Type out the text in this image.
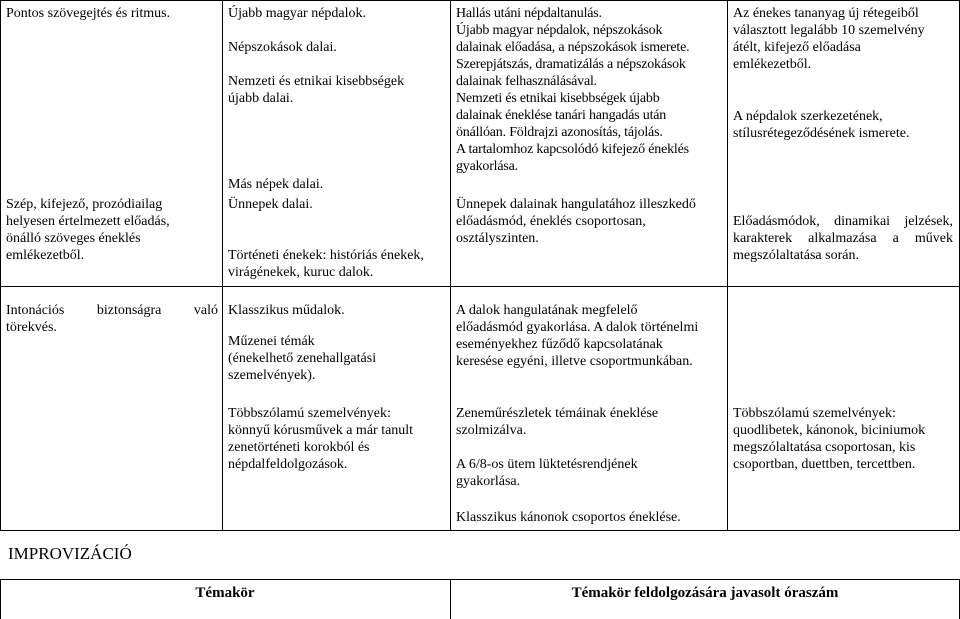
Pontos szövegejtés és ritmus.
Szép, kifejező, prozódiailag
helyesen értelmezett előadás,
önálló szöveges éneklés
emlékezetből.
Újabb magyar népdalok.
Népszokások dalai.
Nemzeti és etnikai kisebbségek
újabb dalai.
Más népek dalai.
Ünnepek dalai.
Történeti énekek: históriás énekek,
virágénekek, kuruc dalok.
Hallás utáni népdaltanulás.
Újabb magyar népdalok, népszokások
dalainak előadása, a népszokások ismerete.
Szerepjátszás, dramatizálás a népszokások
dalainak felhasználásával.
Nemzeti és etnikai kisebbségek újabb
dalainak éneklése tanári hangadás után
önállóan. Földrajzi azonosítás, tájolás.
A tartalomhoz kapcsolódó kifejező éneklés
gyakorlása.
Ünnepek dalainak hangulatához illeszkedő
előadásmód, éneklés csoportosan,
osztályszinten.
Az énekes tananyag új rétegeiből
választott legalább 10 szemelvény
átélt, kifejező előadása
emlékezetből.
A népdalok szerkezetének,
stílusrétegeződésének ismerete.
Előadásmódok, dinamikai jelzések,
karakterek alkalmazása a művek
megszólaltatása során.
Intonációs biztonságra való
törekvés.
Klasszikus műdalok.
Műzenei témák
(énekelhető zenehallgatási
szemelvények).
Többszólamú szemelvények:
könnyű kórusművek a már tanult
zenetörténeti korokból és
népdalfeldolgozások.
A dalok hangulatának megfelelő
előadásmód gyakorlása. A dalok történelmi
eseményekhez fűződő kapcsolatának
keresése egyéni, illetve csoportmunkában.
Zeneműrészletek témáinak éneklése
szolmizálva.
A 6/8-os ütem lüktetésrendjének
gyakorlása.
Klasszikus kánonok csoportos éneklése.
Többszólamú szemelvények:
quodlibetek, kánonok, biciniumok
megszólaltatása csoportosan, kis
csoportban, duettben, tercettben.
IMPROVIZÁCIÓ
Témakör	Témakör feldolgozására javasolt óraszám
